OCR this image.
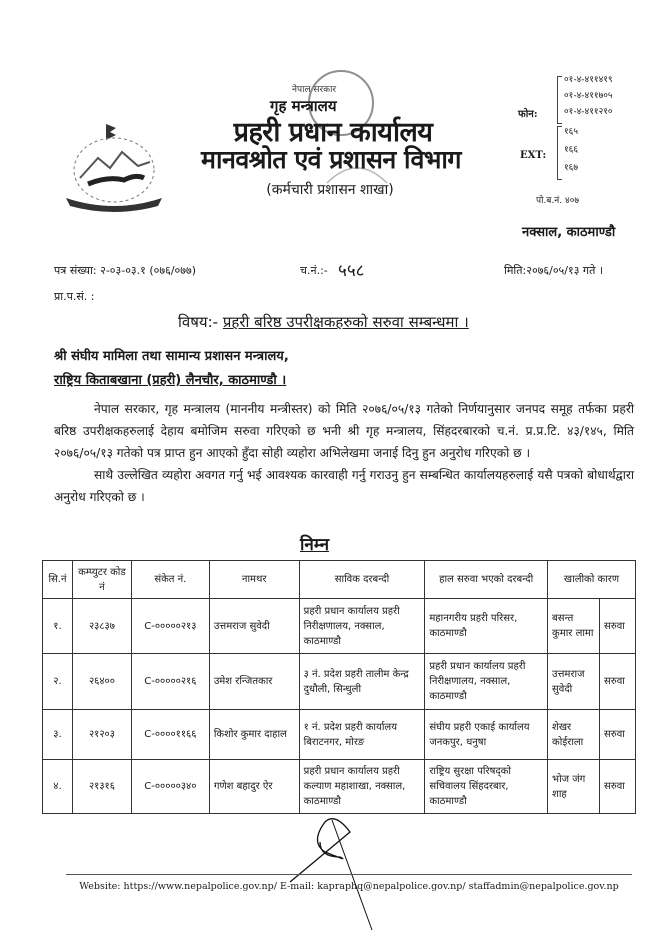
नेपाल सरकार
गृह मन्त्रालय
प्रहरी प्रधान कार्यालय
मानवश्रोत एवं प्रशासन विभाग
(कर्मचारी प्रशासन शाखा)
फोन:
०१-४-४११४१९
०१-४-४११७०५
०१-४-४११२१०
EXT:
१६५
१६६
१६७
पो.ब.नं. ४०७
नक्साल, काठमाण्डौ
पत्र संख्या: २-०३-०३.१ (०७६/०७७)	च.नं.:- ५५८	मिति:२०७६/०५/१३ गते ।
प्रा.प.सं. :
विषय:- प्रहरी बरिष्ठ उपरीक्षकहरुको सरुवा सम्बन्धमा ।
श्री संघीय मामिला तथा सामान्य प्रशासन मन्त्रालय,
राष्ट्रिय किताबखाना (प्रहरी) लैनचौर, काठमाण्डौ ।

नेपाल सरकार, गृह मन्त्रालय (माननीय मन्त्रीस्तर) को मिति २०७६/०५/१३ गतेको निर्णयानुसार जनपद समूह तर्फका प्रहरी बरिष्ठ उपरीक्षकहरुलाई देहाय बमोजिम सरुवा गरिएको छ भनी श्री गृह मन्त्रालय, सिंहदरबारको च.नं. प्र.प्र.टि. ४३/१४५, मिति २०७६/०५/१३ गतेको पत्र प्राप्त हुन आएको हुँदा सोही व्यहोरा अभिलेखमा जनाई दिनु हुन अनुरोध गरिएको छ ।

साथै उल्लेखित व्यहोरा अवगत गर्नु भई आवश्यक कारवाही गर्नु गराउनु हुन सम्बन्धित कार्यालयहरुलाई यसै पत्रको बोधार्थद्वारा अनुरोध गरिएको छ ।

निम्न
सि.नं	कम्प्युटर कोड नं	संकेत नं.	नामथर	साविक दरबन्दी	हाल सरुवा भएको दरबन्दी	खालीको कारण	
१.	२३८३७	C-०००००२१३	उत्तमराज सुवेदी	प्रहरी प्रधान कार्यालय प्रहरी निरीक्षणालय, नक्साल, काठमाण्डौ	महानगरीय प्रहरी परिसर, काठमाण्डौ	बसन्त कुमार लामा	सरुवा
२.	२६४००	C-०००००२१६	उमेश रन्जितकार	३ नं. प्रदेश प्रहरी तालीम केन्द्र दुधौली, सिन्धुली	प्रहरी प्रधान कार्यालय प्रहरी निरीक्षणालय, नक्साल, काठमाण्डौ	उत्तमराज सुवेदी	सरुवा
३.	२१२०३	C-००००११६६	किशोर कुमार दाहाल	१ नं. प्रदेश प्रहरी कार्यालय बिराटनगर, मोरङ	संघीय प्रहरी एकाई कार्यालय जनकपुर, धनुषा	शेखर कोईराला	सरुवा
४.	२१३१६	C-०००००३४०	गणेश बहादुर ऐर	प्रहरी प्रधान कार्यालय प्रहरी कल्याण महाशाखा, नक्साल, काठमाण्डौ	राष्ट्रिय सुरक्षा परिषद्को सचिवालय सिंहदरबार, काठमाण्डौ	भोज जंग शाह	सरुवा
Website: https://www.nepalpolice.gov.np/ E-mail: kapraphq@nepalpolice.gov.np/ staffadmin@nepalpolice.gov.np
